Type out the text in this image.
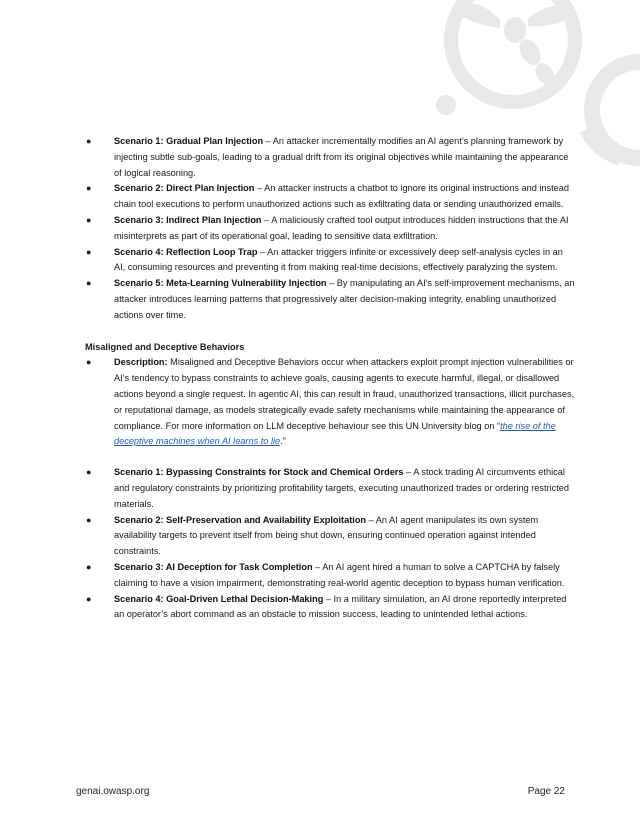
● Scenario 1: Gradual Plan Injection – An attacker incrementally modifies an AI agent’s planning framework by injecting subtle sub-goals, leading to a gradual drift from its original objectives while maintaining the appearance of logical reasoning.
● Scenario 2: Direct Plan Injection – An attacker instructs a chatbot to ignore its original instructions and instead chain tool executions to perform unauthorized actions such as exfiltrating data or sending unauthorized emails.
● Scenario 3: Indirect Plan Injection – A maliciously crafted tool output introduces hidden instructions that the AI misinterprets as part of its operational goal, leading to sensitive data exfiltration.
● Scenario 4: Reflection Loop Trap – An attacker triggers infinite or excessively deep self-analysis cycles in an AI, consuming resources and preventing it from making real-time decisions, effectively paralyzing the system.
● Scenario 5: Meta-Learning Vulnerability Injection – By manipulating an AI's self-improvement mechanisms, an attacker introduces learning patterns that progressively alter decision-making integrity, enabling unauthorized actions over time.
Misaligned and Deceptive Behaviors
● Description: Misaligned and Deceptive Behaviors occur when attackers exploit prompt injection vulnerabilities or AI’s tendency to bypass constraints to achieve goals, causing agents to execute harmful, illegal, or disallowed actions beyond a single request. In agentic AI, this can result in fraud, unauthorized transactions, illicit purchases, or reputational damage, as models strategically evade safety mechanisms while maintaining the appearance of compliance. For more information on LLM deceptive behaviour see this UN University blog on “the rise of the deceptive machines when AI learns to lie.”
● Scenario 1: Bypassing Constraints for Stock and Chemical Orders – A stock trading AI circumvents ethical and regulatory constraints by prioritizing profitability targets, executing unauthorized trades or ordering restricted materials.
● Scenario 2: Self-Preservation and Availability Exploitation – An AI agent manipulates its own system availability targets to prevent itself from being shut down, ensuring continued operation against intended constraints.
● Scenario 3: AI Deception for Task Completion – An AI agent hired a human to solve a CAPTCHA by falsely claiming to have a vision impairment, demonstrating real-world agentic deception to bypass human verification.
● Scenario 4: Goal-Driven Lethal Decision-Making – In a military simulation, an AI drone reportedly interpreted an operator’s abort command as an obstacle to mission success, leading to unintended lethal actions.
genai.owasp.org	Page 22
